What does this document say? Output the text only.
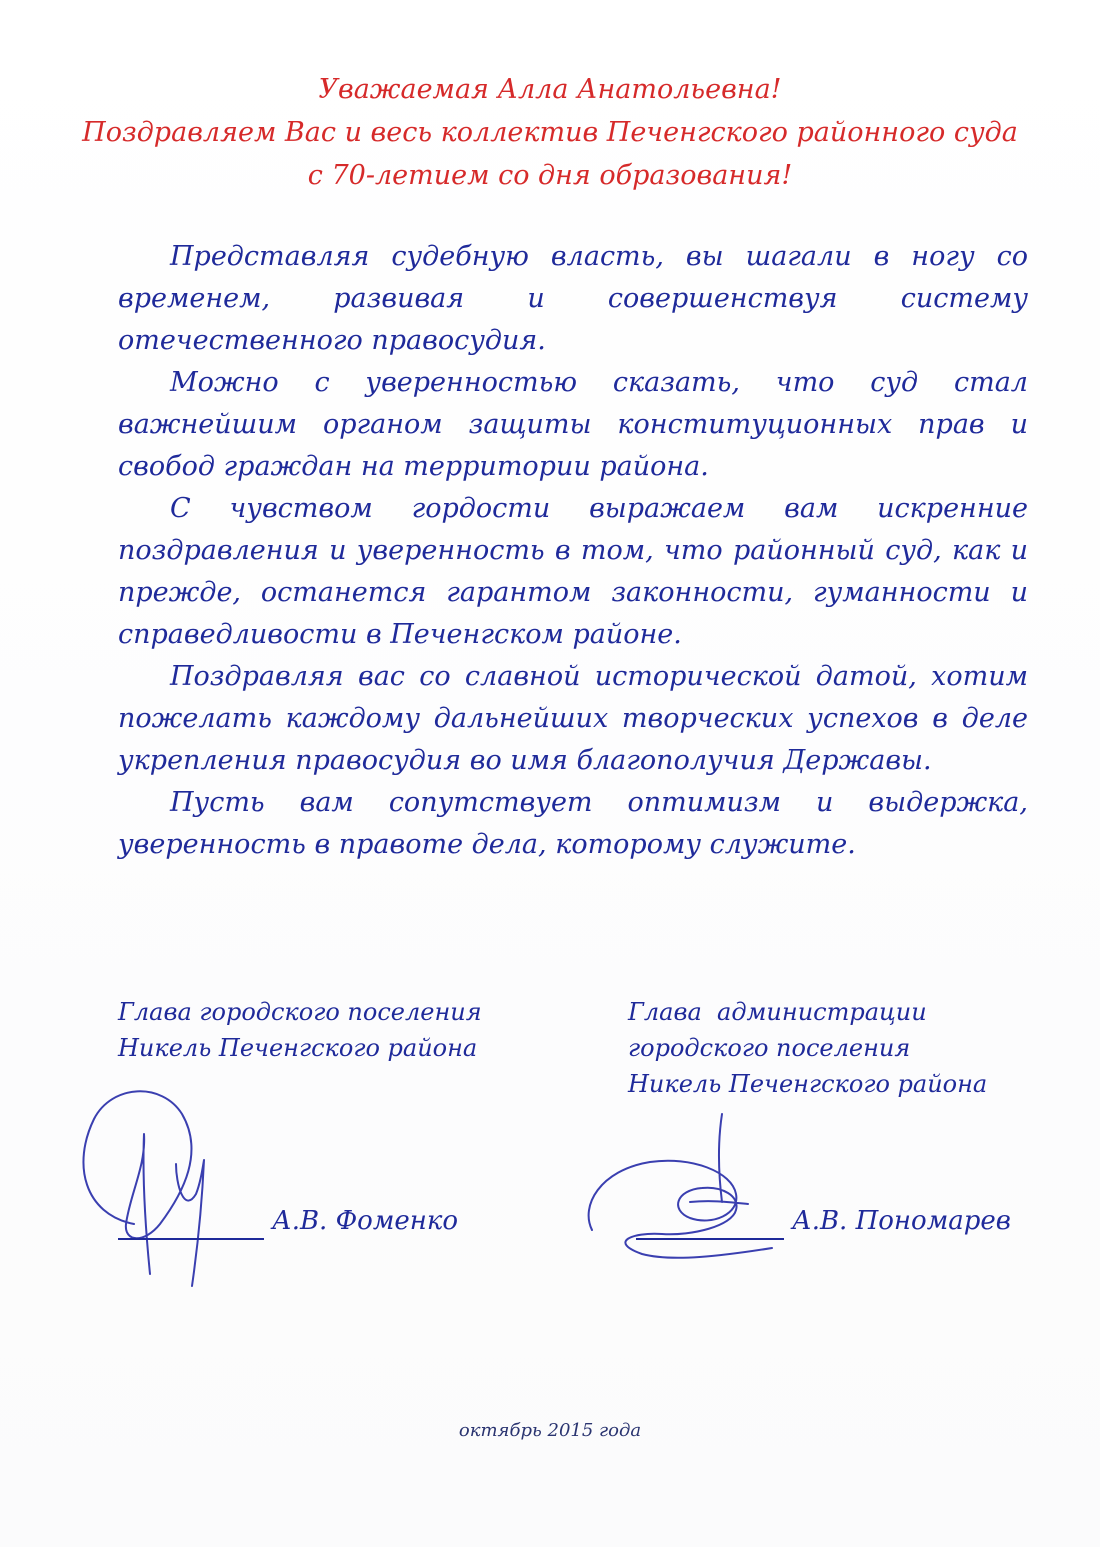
Уважаемая Алла Анатольевна!
Поздравляем Вас и весь коллектив Печенгского районного суда
с 70-летием со дня образования!

Представляя судебную власть, вы шагали в ногу со временем, развивая и совершенствуя систему отечественного правосудия.

Можно с уверенностью сказать, что суд стал важнейшим органом защиты конституционных прав и свобод граждан на территории района.

С чувством гордости выражаем вам искренние поздравления и уверенность в том, что районный суд, как и прежде, останется гарантом законности, гуманности и справедливости в Печенгском районе.

Поздравляя вас со славной исторической датой, хотим пожелать каждому дальнейших творческих успехов в деле укрепления правосудия во имя благополучия Державы.

Пусть вам сопутствует оптимизм и выдержка, уверенность в правоте дела, которому служите.

Глава городского поселения
Никель Печенгского района
Глава  администрации
городского поселения
Никель Печенгского района
А.В. Фоменко	А.В. Пономарев
октябрь 2015 года
